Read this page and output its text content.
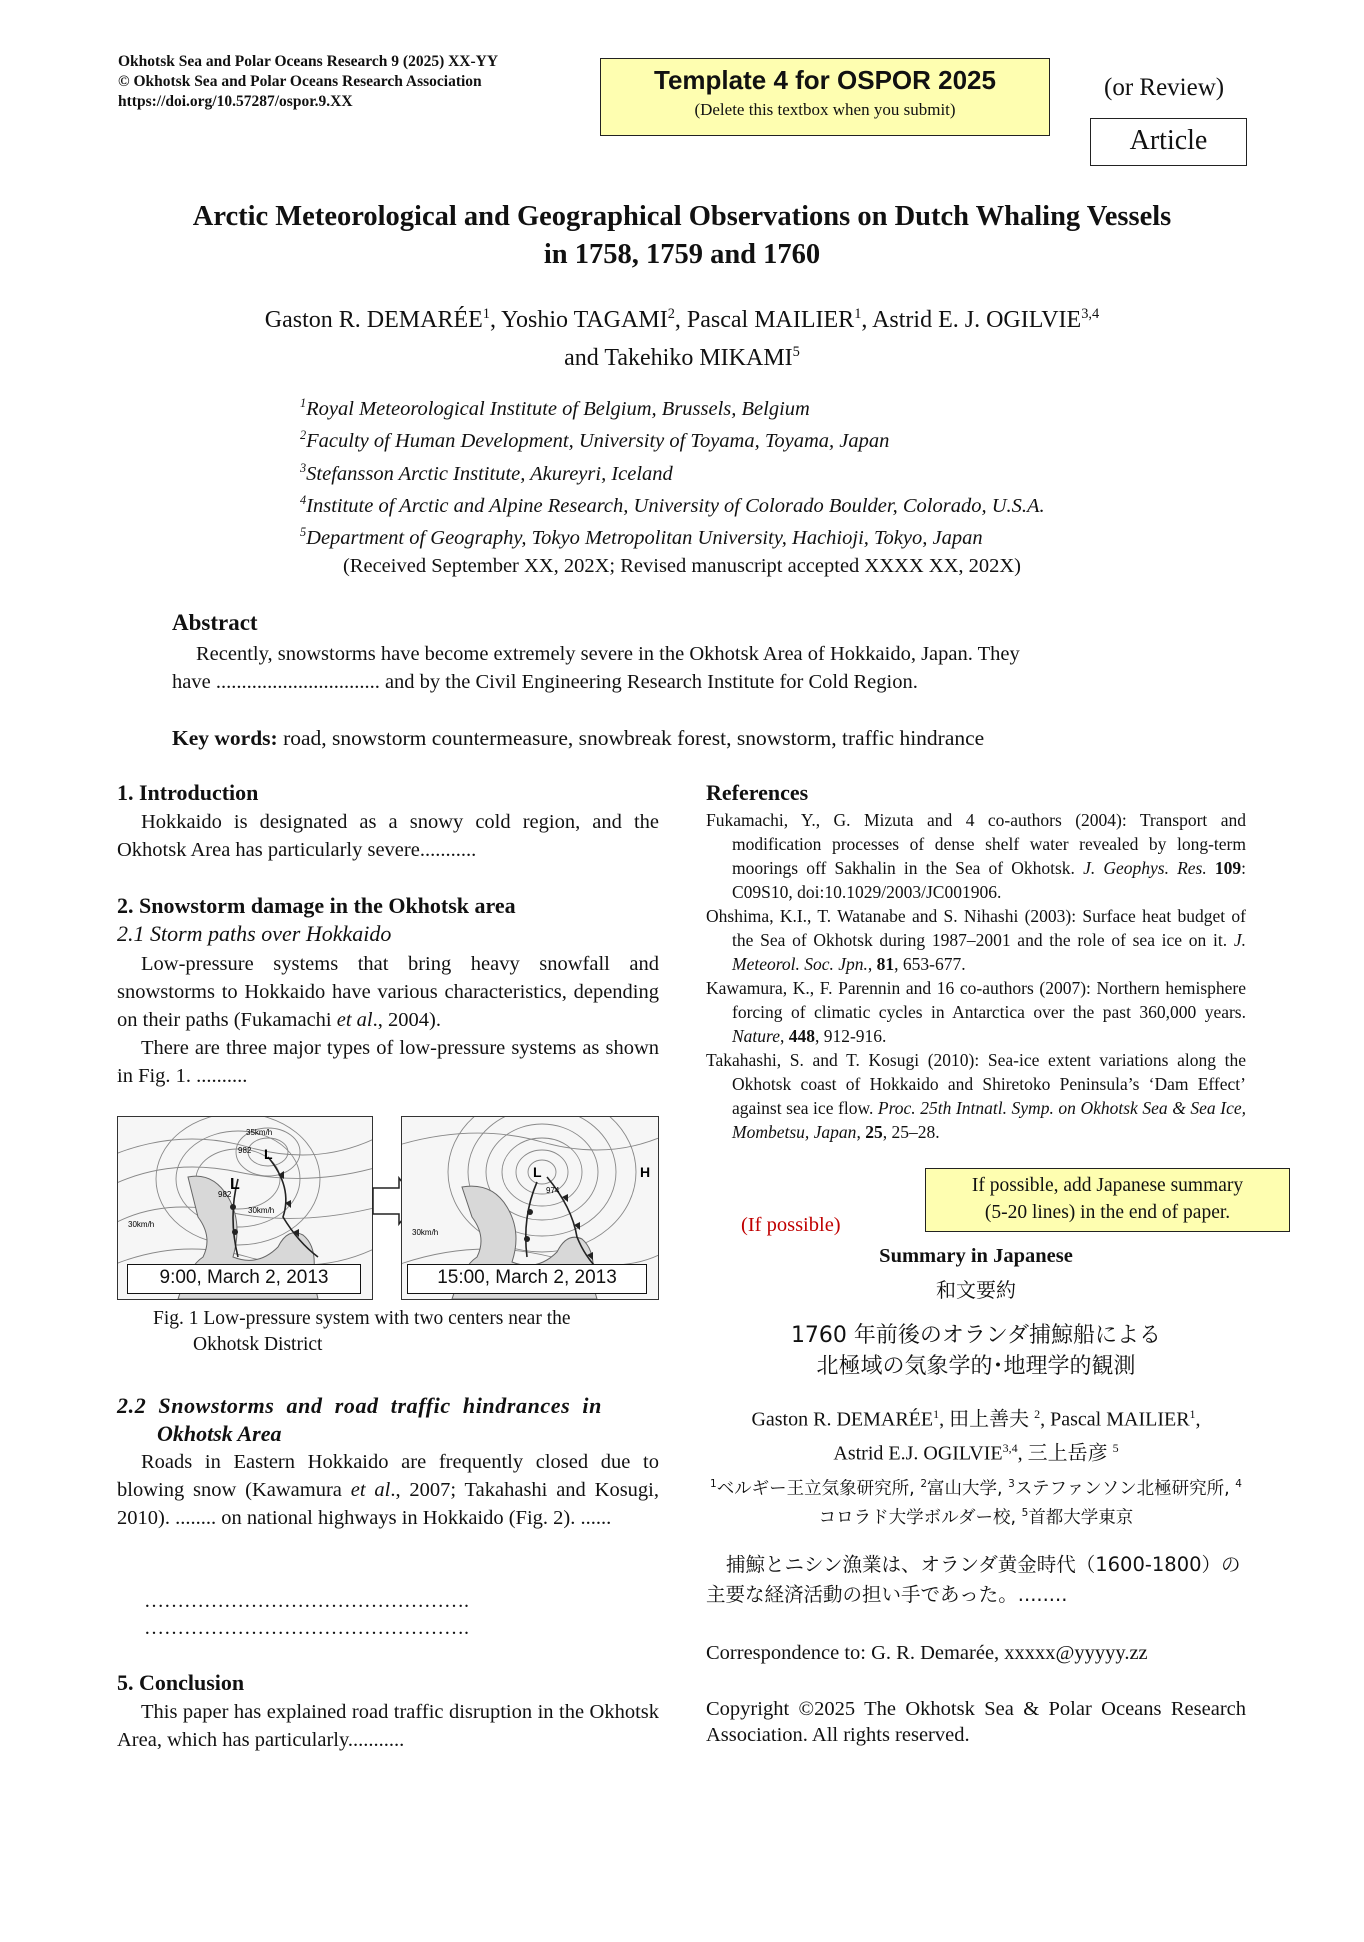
Okhotsk Sea and Polar Oceans Research 9 (2025) XX-YY
© Okhotsk Sea and Polar Oceans Research Association
https://doi.org/10.57287/ospor.9.XX
Template 4 for OSPOR 2025
(Delete this textbox when you submit)
(or Review)
Article
Arctic Meteorological and Geographical Observations on Dutch Whaling Vessels
in 1758, 1759 and 1760
Gaston R. DEMARÉE$^1$, Yoshio TAGAMI$^2$, Pascal MAILIER$^1$, Astrid E. J. OGILVIE$^{3,4}$
and Takehiko MIKAMI$^5$
$^1$Royal Meteorological Institute of Belgium, Brussels, Belgium
$^2$Faculty of Human Development, University of Toyama, Toyama, Japan
$^3$Stefansson Arctic Institute, Akureyri, Iceland
$^4$Institute of Arctic and Alpine Research, University of Colorado Boulder, Colorado, U.S.A.
$^5$Department of Geography, Tokyo Metropolitan University, Hachioji, Tokyo, Japan
(Received September XX, 202X; Revised manuscript accepted XXXX XX, 202X)
Abstract
Recently, snowstorms have become extremely severe in the Okhotsk Area of Hokkaido, Japan. They
have ................................ and by the Civil Engineering Research Institute for Cold Region.
Key words: road, snowstorm countermeasure, snowbreak forest, snowstorm, traffic hindrance
1. Introduction
Hokkaido is designated as a snowy cold region, and the Okhotsk Area has particularly severe...........
2. Snowstorm damage in the Okhotsk area
2.1 Storm paths over Hokkaido
Low-pressure systems that bring heavy snowfall and snowstorms to Hokkaido have various characteristics, depending on their paths (Fukamachi et al., 2004).
There are three major types of low-pressure systems as shown in Fig. 1. ..........
L
L
982
982
35km/h
30km/h
30km/h
L
974
H
30km/h
9:00, March 2, 2013	15:00, March 2, 2013
Fig. 1 Low-pressure system with two centers near the
Okhotsk District
2.2 Snowstorms and road traffic hindrances in
Okhotsk Area
Roads in Eastern Hokkaido are frequently closed due to blowing snow (Kawamura et al., 2007; Takahashi and Kosugi, 2010). ........ on national highways in Hokkaido (Fig. 2). ......
………………………………………….
………………………………………….
5. Conclusion
This paper has explained road traffic disruption in the Okhotsk Area, which has particularly...........
References
Fukamachi, Y., G. Mizuta and 4 co-authors (2004): Transport and modification processes of dense shelf water revealed by long-term moorings off Sakhalin in the Sea of Okhotsk. J. Geophys. Res. 109: C09S10, doi:10.1029/2003/JC001906.
Ohshima, K.I., T. Watanabe and S. Nihashi (2003): Surface heat budget of the Sea of Okhotsk during 1987–2001 and the role of sea ice on it. J. Meteorol. Soc. Jpn., 81, 653-677.
Kawamura, K., F. Parennin and 16 co-authors (2007): Northern hemisphere forcing of climatic cycles in Antarctica over the past 360,000 years. Nature, 448, 912-916.
Takahashi, S. and T. Kosugi (2010): Sea-ice extent variations along the Okhotsk coast of Hokkaido and Shiretoko Peninsula’s ‘Dam Effect’ against sea ice flow. Proc. 25th Intnatl. Symp. on Okhotsk Sea & Sea Ice, Mombetsu, Japan, 25, 25–28.
If possible, add Japanese summary
(5-20 lines) in the end of paper.
(If possible)
Summary in Japanese
和文要約
1760 年前後のオランダ捕鯨船による
北極域の気象学的･地理学的観測
Gaston R. DEMARÉE$^1$, 田上善夫 $^2$, Pascal MAILIER$^1$,
Astrid E.J. OGILVIE$^{3,4}$, 三上岳彦 $^5$
$^1$ベルギー王立気象研究所, $^2$富山大学, $^3$ステファンソン北極研究所, $^4$コロラド大学ボルダー校, $^5$首都大学東京
捕鯨とニシン漁業は、オランダ黄金時代（1600-1800）の主要な経済活動の担い手であった。........
Correspondence to: G. R. Demarée, xxxxx@yyyyy.zz
Copyright ©2025 The Okhotsk Sea & Polar Oceans Research Association. All rights reserved.
